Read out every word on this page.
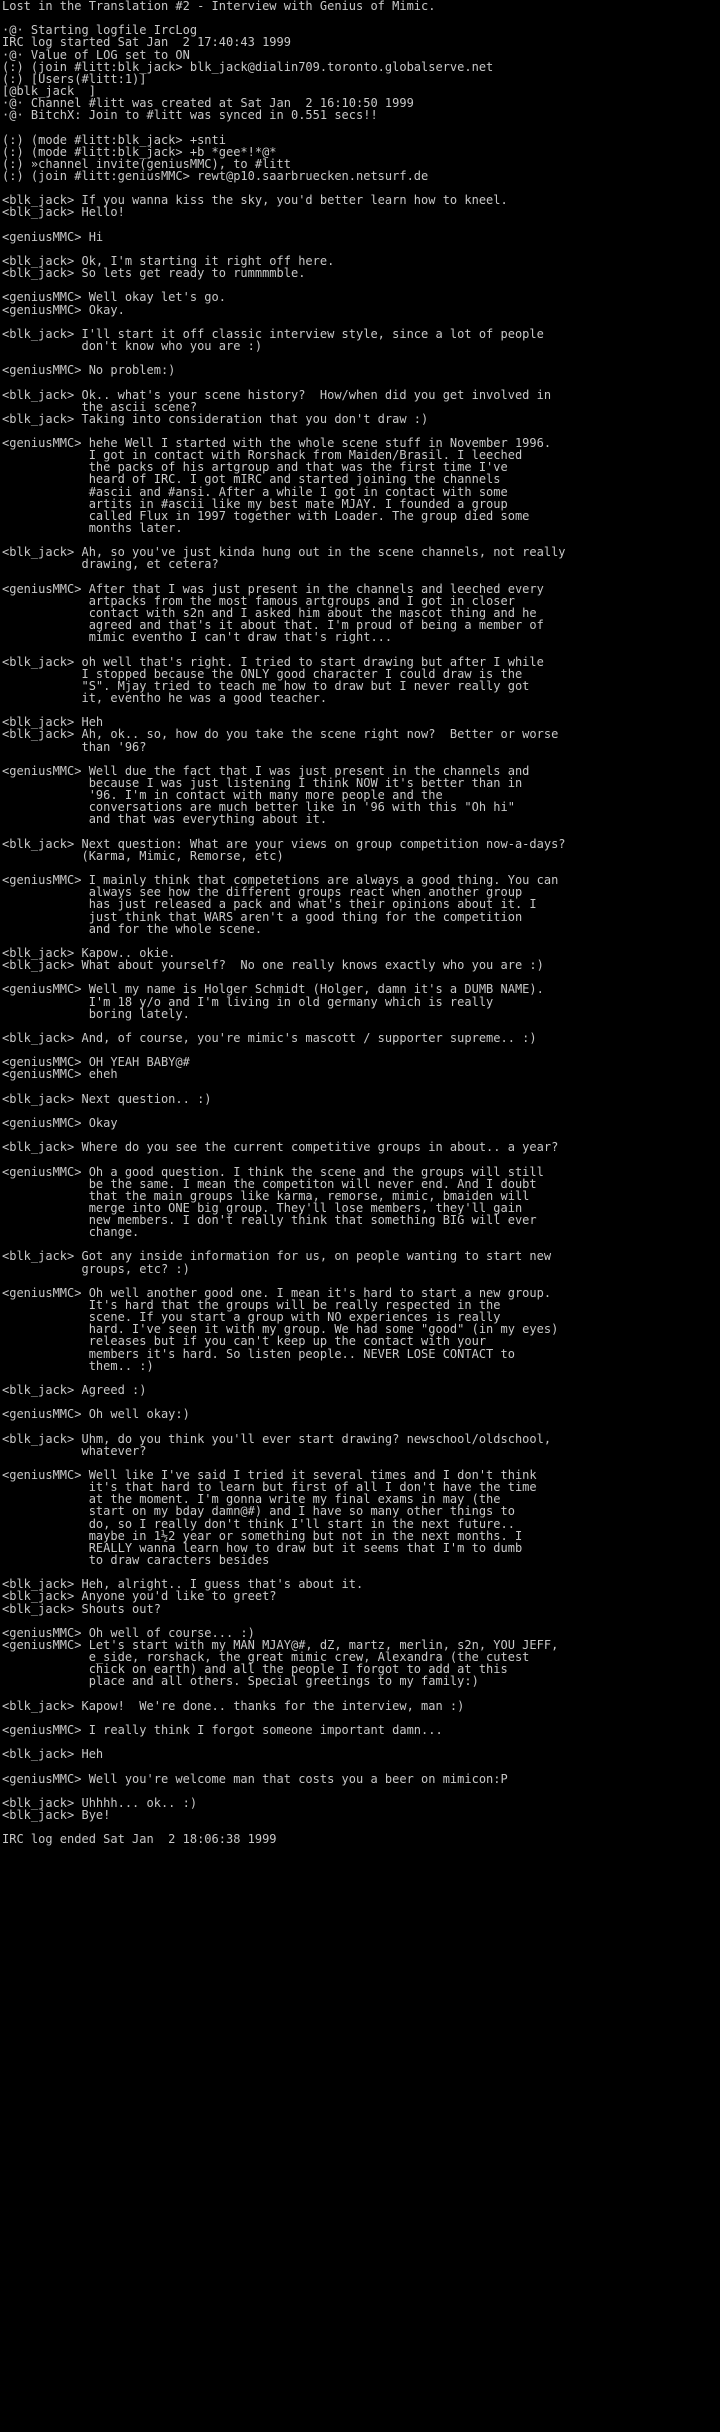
Lost in the Translation #2 - Interview with Genius of Mimic.

·@· Starting logfile IrcLog
IRC log started Sat Jan  2 17:40:43 1999
·@· Value of LOG set to ON
(:) (join #litt:blk_jack> blk_jack@dialin709.toronto.globalserve.net
(:) [Users(#litt:1)]
[@blk_jack  ]
·@· Channel #litt was created at Sat Jan  2 16:10:50 1999
·@· BitchX: Join to #litt was synced in 0.551 secs!!

(:) (mode #litt:blk_jack> +snti
(:) (mode #litt:blk_jack> +b *gee*!*@*
(:) »channel invite(geniusMMC), to #litt
(:) (join #litt:geniusMMC> rewt@p10.saarbruecken.netsurf.de

<blk_jack> If you wanna kiss the sky, you'd better learn how to kneel.
<blk_jack> Hello!

<geniusMMC> Hi

<blk_jack> Ok, I'm starting it right off here.
<blk_jack> So lets get ready to rummmmble.

<geniusMMC> Well okay let's go.
<geniusMMC> Okay.

<blk_jack> I'll start it off classic interview style, since a lot of people
don't know who you are :)

<geniusMMC> No problem:)

<blk_jack> Ok.. what's your scene history?  How/when did you get involved in
the ascii scene?
<blk_jack> Taking into consideration that you don't draw :)

<geniusMMC> hehe Well I started with the whole scene stuff in November 1996.
I got in contact with Rorshack from Maiden/Brasil. I leeched
the packs of his artgroup and that was the first time I've
heard of IRC. I got mIRC and started joining the channels
#ascii and #ansi. After a while I got in contact with some
artits in #ascii like my best mate MJAY. I founded a group
called Flux in 1997 together with Loader. The group died some
months later.

<blk_jack> Ah, so you've just kinda hung out in the scene channels, not really
drawing, et cetera?

<geniusMMC> After that I was just present in the channels and leeched every
artpacks from the most famous artgroups and I got in closer
contact with s2n and I asked him about the mascot thing and he
agreed and that's it about that. I'm proud of being a member of
mimic eventho I can't draw that's right...

<blk_jack> oh well that's right. I tried to start drawing but after I while
I stopped because the ONLY good character I could draw is the
"S". Mjay tried to teach me how to draw but I never really got
it, eventho he was a good teacher.

<blk_jack> Heh
<blk_jack> Ah, ok.. so, how do you take the scene right now?  Better or worse
than '96?

<geniusMMC> Well due the fact that I was just present in the channels and
because I was just listening I think NOW it's better than in
'96. I'm in contact with many more people and the
conversations are much better like in '96 with this "Oh hi"
and that was everything about it.

<blk_jack> Next question: What are your views on group competition now-a-days?
(Karma, Mimic, Remorse, etc)

<geniusMMC> I mainly think that competetions are always a good thing. You can
always see how the different groups react when another group
has just released a pack and what's their opinions about it. I
just think that WARS aren't a good thing for the competition
and for the whole scene.

<blk_jack> Kapow.. okie.
<blk_jack> What about yourself?  No one really knows exactly who you are :)

<geniusMMC> Well my name is Holger Schmidt (Holger, damn it's a DUMB NAME).
I'm 18 y/o and I'm living in old germany which is really
boring lately.

<blk_jack> And, of course, you're mimic's mascott / supporter supreme.. :)

<geniusMMC> OH YEAH BABY@#
<geniusMMC> eheh

<blk_jack> Next question.. :)

<geniusMMC> Okay

<blk_jack> Where do you see the current competitive groups in about.. a year?

<geniusMMC> Oh a good question. I think the scene and the groups will still
be the same. I mean the competiton will never end. And I doubt
that the main groups like karma, remorse, mimic, bmaiden will
merge into ONE big group. They'll lose members, they'll gain
new members. I don't really think that something BIG will ever
change.

<blk_jack> Got any inside information for us, on people wanting to start new
groups, etc? :)

<geniusMMC> Oh well another good one. I mean it's hard to start a new group.
It's hard that the groups will be really respected in the
scene. If you start a group with NO experiences is really
hard. I've seen it with my group. We had some "good" (in my eyes)
releases but if you can't keep up the contact with your
members it's hard. So listen people.. NEVER LOSE CONTACT to
them.. :)

<blk_jack> Agreed :)

<geniusMMC> Oh well okay:)

<blk_jack> Uhm, do you think you'll ever start drawing? newschool/oldschool,
whatever?

<geniusMMC> Well like I've said I tried it several times and I don't think
it's that hard to learn but first of all I don't have the time
at the moment. I'm gonna write my final exams in may (the
start on my bday damn@#) and I have so many other things to
do, so I really don't think I'll start in the next future..
maybe in 1½2 year or something but not in the next months. I
REALLY wanna learn how to draw but it seems that I'm to dumb
to draw caracters besides

<blk_jack> Heh, alright.. I guess that's about it.
<blk_jack> Anyone you'd like to greet?
<blk_jack> Shouts out?

<geniusMMC> Oh well of course... :)
<geniusMMC> Let's start with my MAN MJAY@#, dZ, martz, merlin, s2n, YOU JEFF,
e_side, rorshack, the great mimic crew, Alexandra (the cutest
chick on earth) and all the people I forgot to add at this
place and all others. Special greetings to my family:)

<blk_jack> Kapow!  We're done.. thanks for the interview, man :)

<geniusMMC> I really think I forgot someone important damn...

<blk_jack> Heh

<geniusMMC> Well you're welcome man that costs you a beer on mimicon:P

<blk_jack> Uhhhh... ok.. :)
<blk_jack> Bye!

IRC log ended Sat Jan  2 18:06:38 1999
